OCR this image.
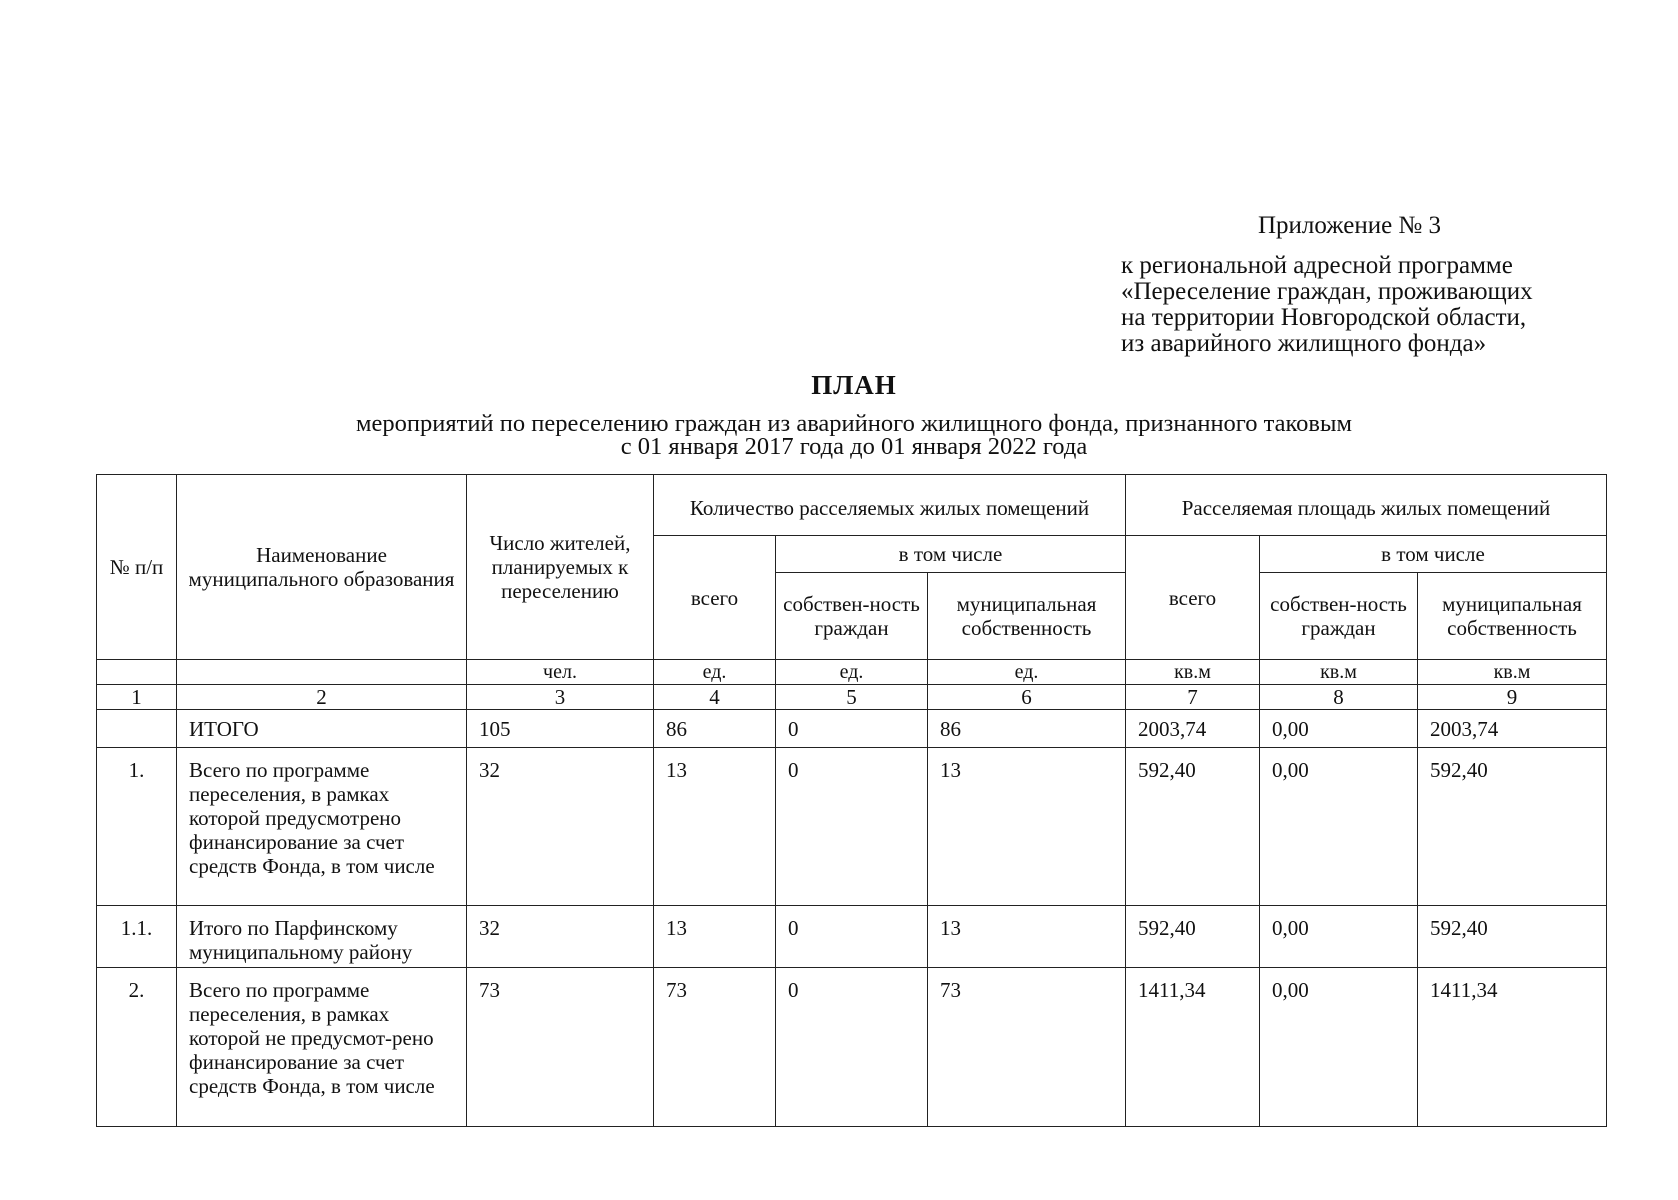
Приложение № 3
к региональной адресной программе
«Переселение граждан, проживающих
на территории Новгородской области,
из аварийного жилищного фонда»
ПЛАН
мероприятий по переселению граждан из аварийного жилищного фонда, признанного таковым
с 01 января 2017 года до 01 января 2022 года
№ п/п	Наименование муниципального образования	Число жителей, планируемых к переселению	Количество расселяемых жилых помещений			Расселяемая площадь жилых помещений		
			всего	в том числе		всего	в том числе	
				собствен-ность граждан	муниципальная собственность		собствен-ность граждан	муниципальная собственность
		чел.	ед.	ед.	ед.	кв.м	кв.м	кв.м
1	2	3	4	5	6	7	8	9
	ИТОГО	105	86	0	86	2003,74	0,00	2003,74
1.	Всего по программе переселения, в рамках которой предусмотрено финансирование за счет средств Фонда, в том числе	32	13	0	13	592,40	0,00	592,40
1.1.	Итого по Парфинскому муниципальному району	32	13	0	13	592,40	0,00	592,40
2.	Всего по программе переселения, в рамках которой не предусмот-рено финансирование за счет средств Фонда, в том числе	73	73	0	73	1411,34	0,00	1411,34
